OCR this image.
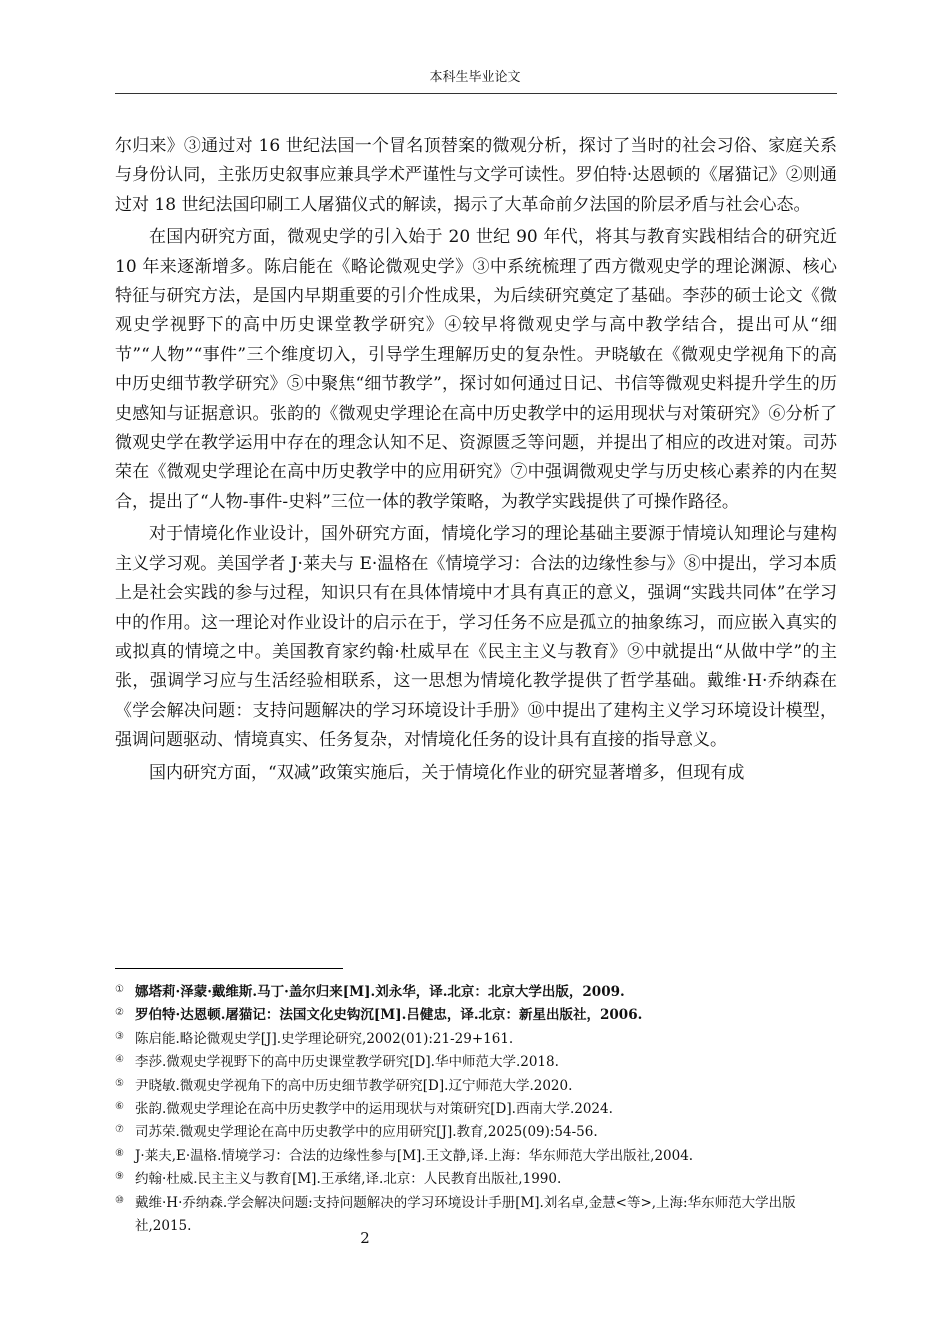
本科生毕业论文

尔归来》③通过对 16 世纪法国一个冒名顶替案的微观分析，探讨了当时的社会习俗、家庭关系与身份认同，主张历史叙事应兼具学术严谨性与文学可读性。罗伯特·达恩顿的《屠猫记》②则通过对 18 世纪法国印刷工人屠猫仪式的解读，揭示了大革命前夕法国的阶层矛盾与社会心态。

在国内研究方面，微观史学的引入始于 20 世纪 90 年代，将其与教育实践相结合的研究近 10 年来逐渐增多。陈启能在《略论微观史学》③中系统梳理了西方微观史学的理论渊源、核心特征与研究方法，是国内早期重要的引介性成果，为后续研究奠定了基础。李莎的硕士论文《微观史学视野下的高中历史课堂教学研究》④较早将微观史学与高中教学结合，提出可从“细节”“人物”“事件”三个维度切入，引导学生理解历史的复杂性。尹晓敏在《微观史学视角下的高中历史细节教学研究》⑤中聚焦“细节教学”，探讨如何通过日记、书信等微观史料提升学生的历史感知与证据意识。张韵的《微观史学理论在高中历史教学中的运用现状与对策研究》⑥分析了微观史学在教学运用中存在的理念认知不足、资源匮乏等问题，并提出了相应的改进对策。司苏荣在《微观史学理论在高中历史教学中的应用研究》⑦中强调微观史学与历史核心素养的内在契合，提出了“人物-事件-史料”三位一体的教学策略，为教学实践提供了可操作路径。

对于情境化作业设计，国外研究方面，情境化学习的理论基础主要源于情境认知理论与建构主义学习观。美国学者 J·莱夫与 E·温格在《情境学习：合法的边缘性参与》⑧中提出，学习本质上是社会实践的参与过程，知识只有在具体情境中才具有真正的意义，强调“实践共同体”在学习中的作用。这一理论对作业设计的启示在于，学习任务不应是孤立的抽象练习，而应嵌入真实的或拟真的情境之中。美国教育家约翰·杜威早在《民主主义与教育》⑨中就提出“从做中学”的主张，强调学习应与生活经验相联系，这一思想为情境化教学提供了哲学基础。戴维·H·乔纳森在《学会解决问题：支持问题解决的学习环境设计手册》⑩中提出了建构主义学习环境设计模型，强调问题驱动、情境真实、任务复杂，对情境化任务的设计具有直接的指导意义。

国内研究方面，“双减”政策实施后，关于情境化作业的研究显著增多，但现有成

① 娜塔莉·泽蒙·戴维斯.马丁·盖尔归来[M].刘永华，译.北京：北京大学出版，2009.
② 罗伯特·达恩顿.屠猫记：法国文化史钩沉[M].吕健忠，译.北京：新星出版社，2006.
③ 陈启能.略论微观史学[J].史学理论研究,2002(01):21-29+161.
④ 李莎.微观史学视野下的高中历史课堂教学研究[D].华中师范大学.2018.
⑤ 尹晓敏.微观史学视角下的高中历史细节教学研究[D].辽宁师范大学.2020.
⑥ 张韵.微观史学理论在高中历史教学中的运用现状与对策研究[D].西南大学.2024.
⑦ 司苏荣.微观史学理论在高中历史教学中的应用研究[J].教育,2025(09):54-56.
⑧ J·莱夫,E·温格.情境学习：合法的边缘性参与[M].王文静,译.上海：华东师范大学出版社,2004.
⑨ 约翰·杜威.民主主义与教育[M].王承绪,译.北京：人民教育出版社,1990.
⑩ 戴维·H·乔纳森.学会解决问题:支持问题解决的学习环境设计手册[M].刘名卓,金慧<等>,上海:华东师范大学出版社,2015.
2
